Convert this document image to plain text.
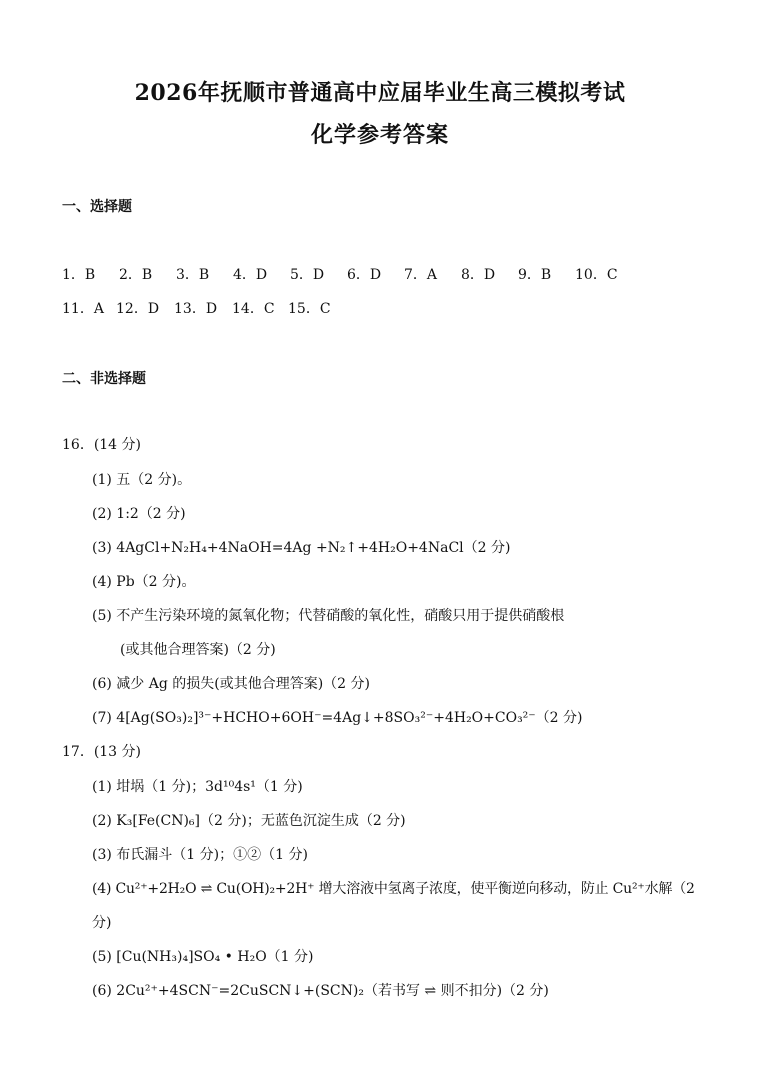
2026年抚顺市普通高中应届毕业生高三模拟考试
化学参考答案
一、选择题
1．B 2．B 3．B 4．D 5．D 6．D 7．A 8．D 9．B 10．C
11．A 12．D 13．D 14．C 15．C
二、非选择题
16．(14 分)
(1) 五（2 分)。
(2) 1:2（2 分)
(3) 4AgCl+N₂H₄+4NaOH=4Ag +N₂↑+4H₂O+4NaCl（2 分)
(4) Pb（2 分)。
(5) 不产生污染环境的氮氧化物；代替硝酸的氧化性，硝酸只用于提供硝酸根
(或其他合理答案)（2 分)
(6) 减少 Ag 的损失(或其他合理答案)（2 分)
(7) 4[Ag(SO₃)₂]³⁻+HCHO+6OH⁻=4Ag↓+8SO₃²⁻+4H₂O+CO₃²⁻（2 分)
17．(13 分)
(1) 坩埚（1 分)；3d¹⁰4s¹（1 分)
(2) K₃[Fe(CN)₆]（2 分)；无蓝色沉淀生成（2 分)
(3) 布氏漏斗（1 分)；①②（1 分)
(4) Cu²⁺+2H₂O ⇌ Cu(OH)₂+2H⁺ 增大溶液中氢离子浓度，使平衡逆向移动，防止 Cu²⁺水解（2
分)
(5) [Cu(NH₃)₄]SO₄ • H₂O（1 分)
(6) 2Cu²⁺+4SCN⁻=2CuSCN↓+(SCN)₂（若书写 ⇌ 则不扣分)（2 分)
